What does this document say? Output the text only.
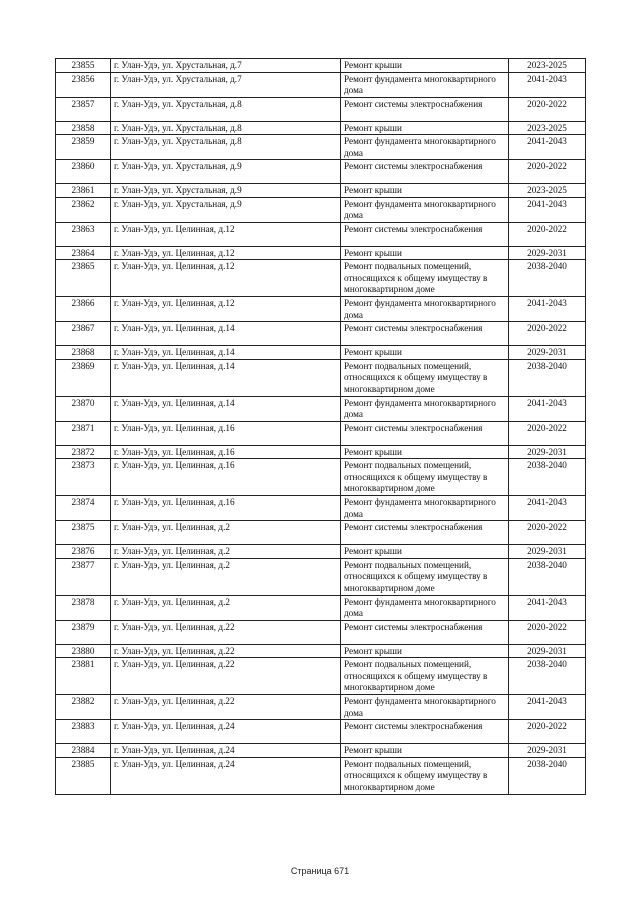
23855	г. Улан-Удэ, ул. Хрустальная, д.7	Ремонт крыши	2023-2025
23856	г. Улан-Удэ, ул. Хрустальная, д.7	Ремонт фундамента многоквартирного дома	2041-2043
23857	г. Улан-Удэ, ул. Хрустальная, д.8	Ремонт системы электроснабжения	2020-2022
23858	г. Улан-Удэ, ул. Хрустальная, д.8	Ремонт крыши	2023-2025
23859	г. Улан-Удэ, ул. Хрустальная, д.8	Ремонт фундамента многоквартирного дома	2041-2043
23860	г. Улан-Удэ, ул. Хрустальная, д.9	Ремонт системы электроснабжения	2020-2022
23861	г. Улан-Удэ, ул. Хрустальная, д.9	Ремонт крыши	2023-2025
23862	г. Улан-Удэ, ул. Хрустальная, д.9	Ремонт фундамента многоквартирного дома	2041-2043
23863	г. Улан-Удэ, ул. Целинная, д.12	Ремонт системы электроснабжения	2020-2022
23864	г. Улан-Удэ, ул. Целинная, д.12	Ремонт крыши	2029-2031
23865	г. Улан-Удэ, ул. Целинная, д.12	Ремонт подвальных помещений, относящихся к общему имуществу в многоквартирном доме	2038-2040
23866	г. Улан-Удэ, ул. Целинная, д.12	Ремонт фундамента многоквартирного дома	2041-2043
23867	г. Улан-Удэ, ул. Целинная, д.14	Ремонт системы электроснабжения	2020-2022
23868	г. Улан-Удэ, ул. Целинная, д.14	Ремонт крыши	2029-2031
23869	г. Улан-Удэ, ул. Целинная, д.14	Ремонт подвальных помещений, относящихся к общему имуществу в многоквартирном доме	2038-2040
23870	г. Улан-Удэ, ул. Целинная, д.14	Ремонт фундамента многоквартирного дома	2041-2043
23871	г. Улан-Удэ, ул. Целинная, д.16	Ремонт системы электроснабжения	2020-2022
23872	г. Улан-Удэ, ул. Целинная, д.16	Ремонт крыши	2029-2031
23873	г. Улан-Удэ, ул. Целинная, д.16	Ремонт подвальных помещений, относящихся к общему имуществу в многоквартирном доме	2038-2040
23874	г. Улан-Удэ, ул. Целинная, д.16	Ремонт фундамента многоквартирного дома	2041-2043
23875	г. Улан-Удэ, ул. Целинная, д.2	Ремонт системы электроснабжения	2020-2022
23876	г. Улан-Удэ, ул. Целинная, д.2	Ремонт крыши	2029-2031
23877	г. Улан-Удэ, ул. Целинная, д.2	Ремонт подвальных помещений, относящихся к общему имуществу в многоквартирном доме	2038-2040
23878	г. Улан-Удэ, ул. Целинная, д.2	Ремонт фундамента многоквартирного дома	2041-2043
23879	г. Улан-Удэ, ул. Целинная, д.22	Ремонт системы электроснабжения	2020-2022
23880	г. Улан-Удэ, ул. Целинная, д.22	Ремонт крыши	2029-2031
23881	г. Улан-Удэ, ул. Целинная, д.22	Ремонт подвальных помещений, относящихся к общему имуществу в многоквартирном доме	2038-2040
23882	г. Улан-Удэ, ул. Целинная, д.22	Ремонт фундамента многоквартирного дома	2041-2043
23883	г. Улан-Удэ, ул. Целинная, д.24	Ремонт системы электроснабжения	2020-2022
23884	г. Улан-Удэ, ул. Целинная, д.24	Ремонт крыши	2029-2031
23885	г. Улан-Удэ, ул. Целинная, д.24	Ремонт подвальных помещений, относящихся к общему имуществу в многоквартирном доме	2038-2040
Страница 671
